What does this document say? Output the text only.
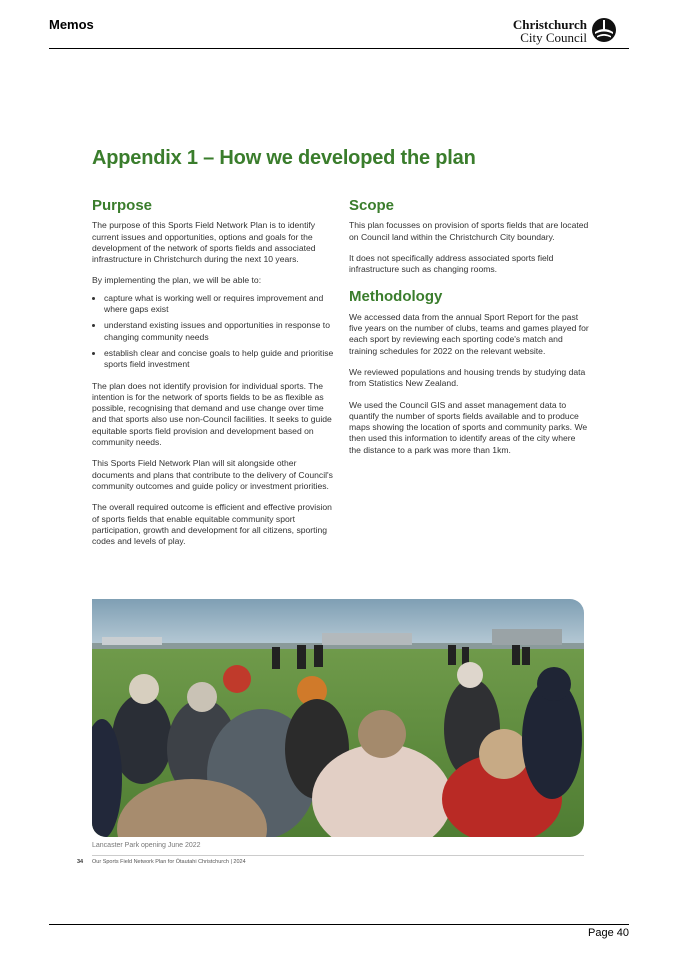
Memos	Christchurch
City Council
Appendix 1 – How we developed the plan
Purpose

The purpose of this Sports Field Network Plan is to identify current issues and opportunities, options and goals for the development of the network of sports fields and associated infrastructure in Christchurch during the next 10 years.

By implementing the plan, we will be able to:

• capture what is working well or requires improvement and where gaps exist
• understand existing issues and opportunities in response to changing community needs
• establish clear and concise goals to help guide and prioritise sports field investment

The plan does not identify provision for individual sports. The intention is for the network of sports fields to be as flexible as possible, recognising that demand and use change over time and that sports also use non-Council facilities. It seeks to guide equitable sports field provision and development based on community needs.

This Sports Field Network Plan will sit alongside other documents and plans that contribute to the delivery of Council's community outcomes and guide policy or investment priorities.

The overall required outcome is efficient and effective provision of sports fields that enable equitable community sport participation, growth and development for all citizens, sporting codes and levels of play.

Scope

This plan focusses on provision of sports fields that are located on Council land within the Christchurch City boundary.

It does not specifically address associated sports field infrastructure such as changing rooms.

Methodology

We accessed data from the annual Sport Report for the past five years on the number of clubs, teams and games played for each sport by reviewing each sporting code's match and training schedules for 2022 on the relevant website.

We reviewed populations and housing trends by studying data from Statistics New Zealand.

We used the Council GIS and asset management data to quantify the number of sports fields available and to produce maps showing the location of sports and community parks. We then used this information to identify areas of the city where the distance to a park was more than 1km.

Lancaster Park opening June 2022
34 Our Sports Field Network Plan for Ōtautahi Christchurch | 2024
Page 40
